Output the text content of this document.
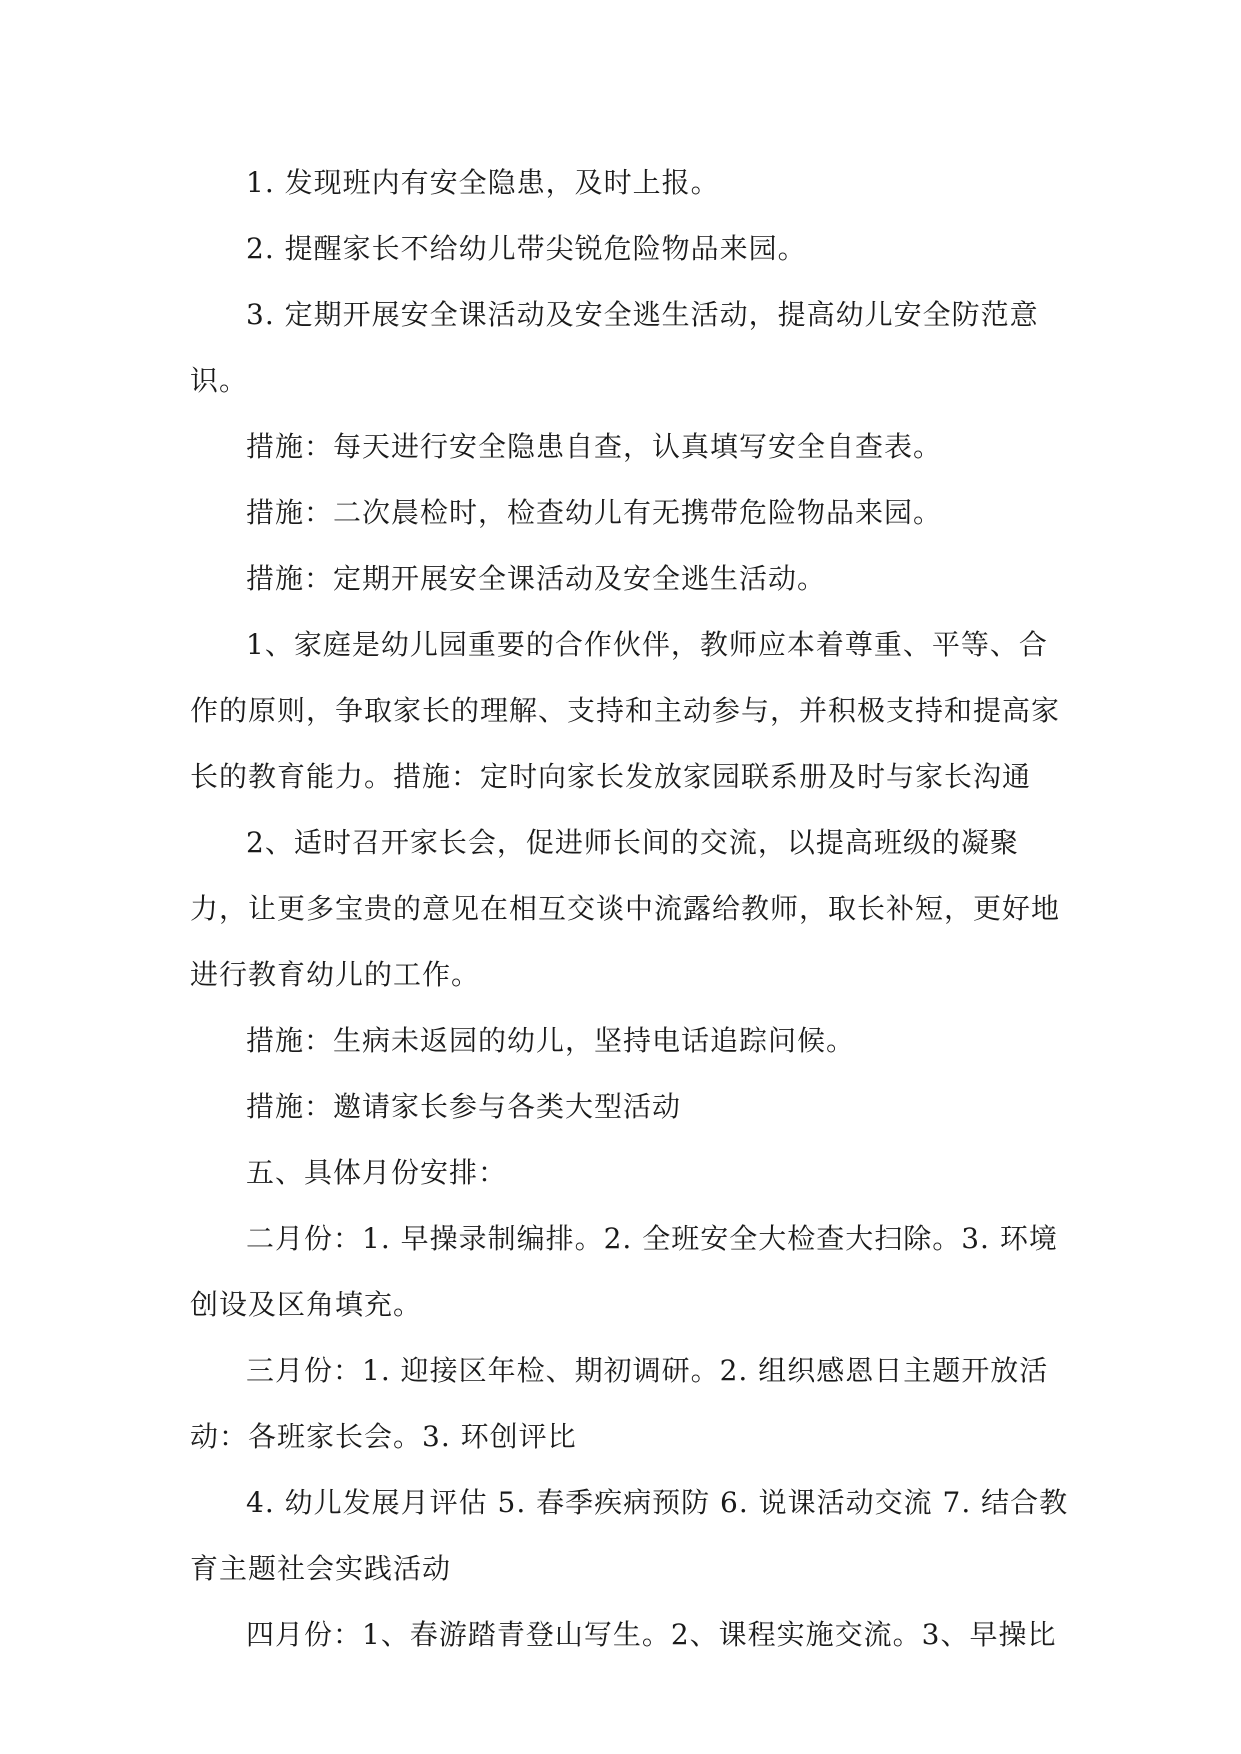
1. 发现班内有安全隐患，及时上报。

2. 提醒家长不给幼儿带尖锐危险物品来园。

3. 定期开展安全课活动及安全逃生活动，提高幼儿安全防范意识。

措施：每天进行安全隐患自查，认真填写安全自查表。

措施：二次晨检时，检查幼儿有无携带危险物品来园。

措施：定期开展安全课活动及安全逃生活动。

1、家庭是幼儿园重要的合作伙伴，教师应本着尊重、平等、合作的原则，争取家长的理解、支持和主动参与，并积极支持和提高家长的教育能力。措施：定时向家长发放家园联系册及时与家长沟通

2、适时召开家长会，促进师长间的交流，以提高班级的凝聚力，让更多宝贵的意见在相互交谈中流露给教师，取长补短，更好地进行教育幼儿的工作。

措施：生病未返园的幼儿，坚持电话追踪问候。

措施：邀请家长参与各类大型活动

五、具体月份安排：

二月份：1. 早操录制编排。2. 全班安全大检查大扫除。3. 环境创设及区角填充。

三月份：1. 迎接区年检、期初调研。2. 组织感恩日主题开放活动：各班家长会。3. 环创评比

4. 幼儿发展月评估 5. 春季疾病预防 6. 说课活动交流 7. 结合教育主题社会实践活动

四月份：1、春游踏青登山写生。2、课程实施交流。3、早操比
